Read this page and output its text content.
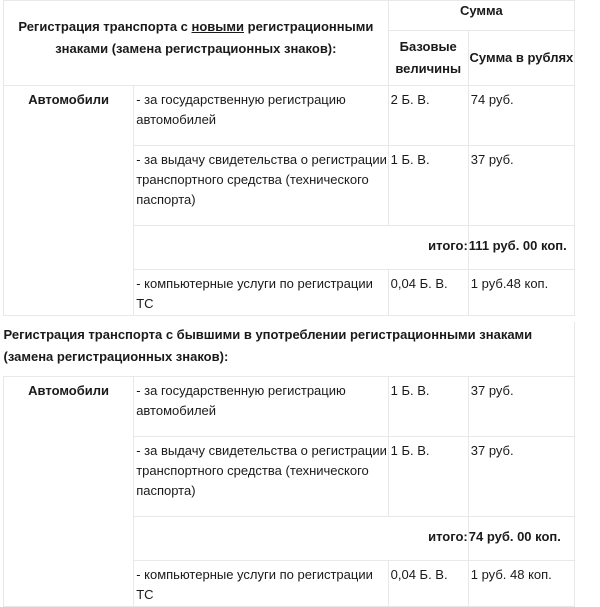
Регистрация транспорта с новыми регистрационными знаками (замена регистрационных знаков):		Сумма	
		Базовые величины	Сумма в рублях
Автомобили	- за государственную регистрацию автомобилей	2 Б. В.	74 руб.
	- за выдачу свидетельства о регистрации транспортного средства (технического паспорта)	1 Б. В.	37 руб.
	итого:		111 руб. 00 коп.
	- компьютерные услуги по регистрации ТС	0,04 Б. В.	1 руб.48 коп.
Регистрация транспорта с бывшими в употреблении регистрационными знаками (замена регистрационных знаков):			
Автомобили	- за государственную регистрацию автомобилей	1 Б. В.	37 руб.
	- за выдачу свидетельства о регистрации транспортного средства (технического паспорта)	1 Б. В.	37 руб.
	итого:		74 руб. 00 коп.
	- компьютерные услуги по регистрации ТС	0,04 Б. В.	1 руб. 48 коп.
